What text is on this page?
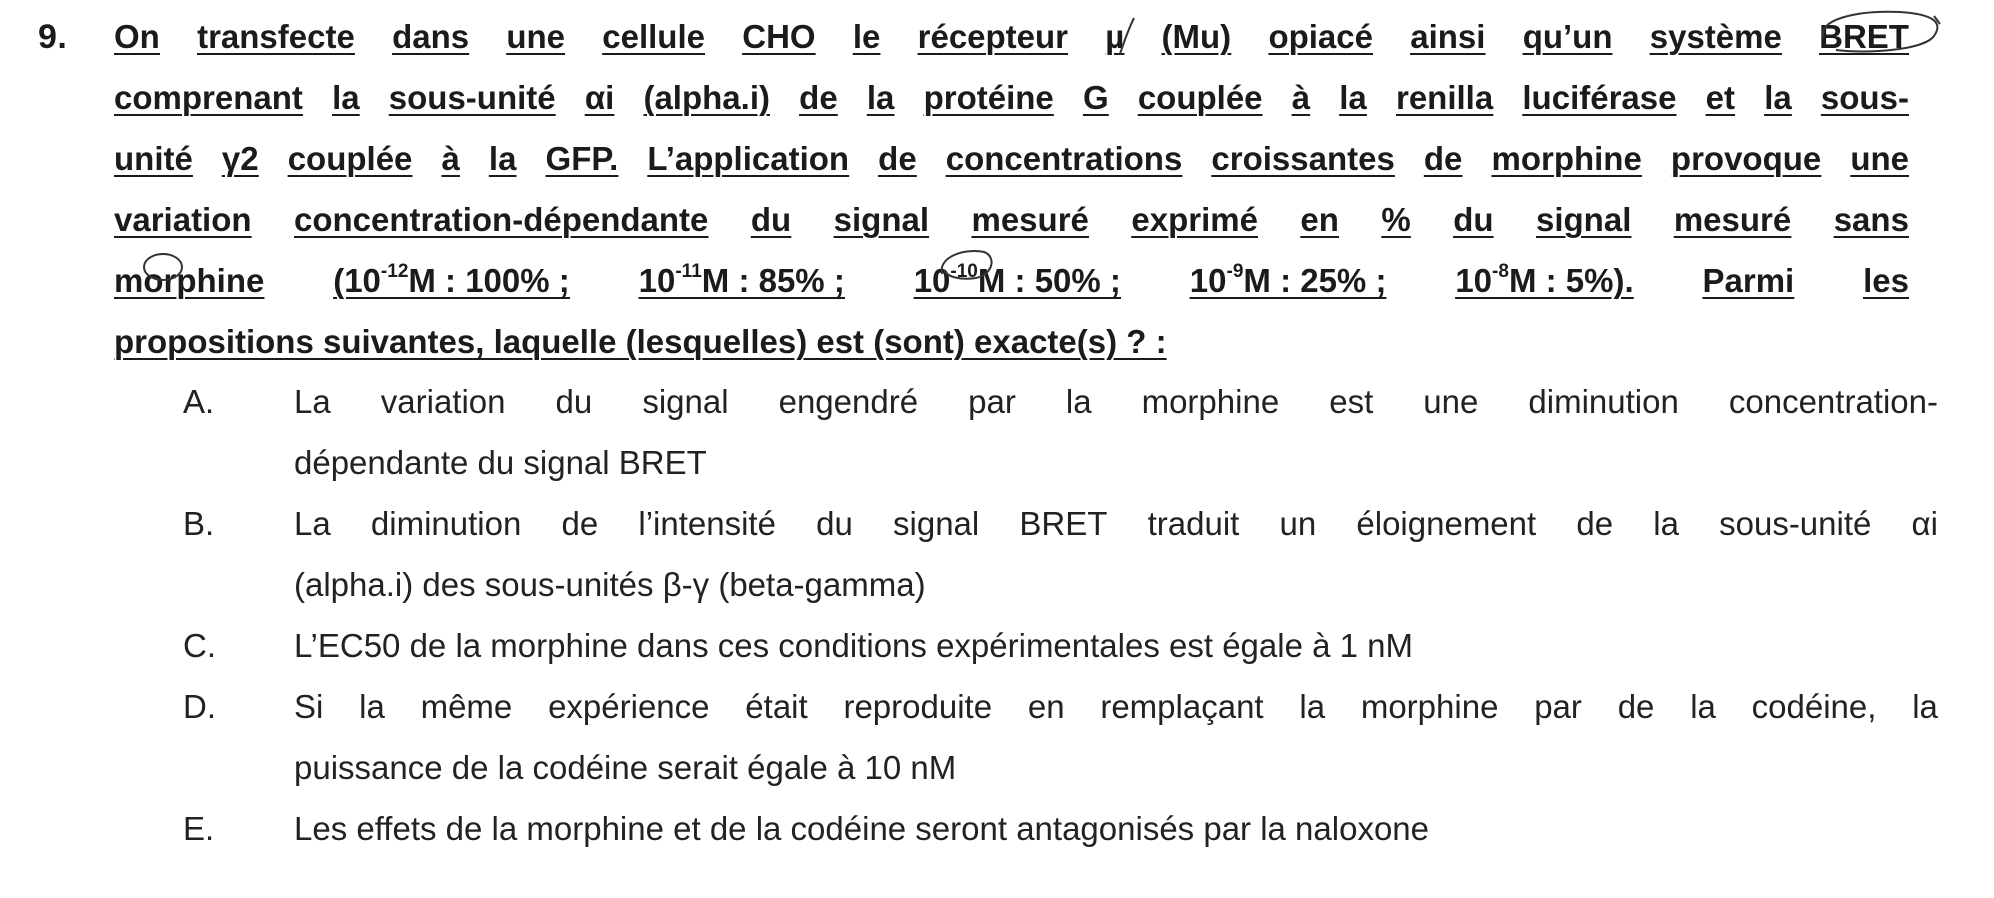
9. On transfecte dans une cellule CHO le récepteur µ (Mu) opiacé ainsi qu’un système BRET
comprenant la sous-unité αi (alpha.i) de la protéine G couplée à la renilla luciférase et la sous-
unité γ2 couplée à la GFP. L’application de concentrations croissantes de morphine provoque une
variation concentration-dépendante du signal mesuré exprimé en % du signal mesuré sans
morphine ($10^{-12}M$ : 100% ; $10^{-11}M$ : 85% ; $10^{-10}M$ : 50% ; $10^{-9}M$ : 25% ; $10^{-8}M$ : 5%). Parmi les
propositions suivantes, laquelle (lesquelles) est (sont) exacte(s) ? :
A.	La variation du signal engendré par la morphine est une diminution concentration-
dépendante du signal BRET
B.	La diminution de l’intensité du signal BRET traduit un éloignement de la sous-unité αi
(alpha.i) des sous-unités β-γ (beta-gamma)
C.	L’EC50 de la morphine dans ces conditions expérimentales est égale à 1 nM
D.	Si la même expérience était reproduite en remplaçant la morphine par de la codéine, la
puissance de la codéine serait égale à 10 nM
E.	Les effets de la morphine et de la codéine seront antagonisés par la naloxone
